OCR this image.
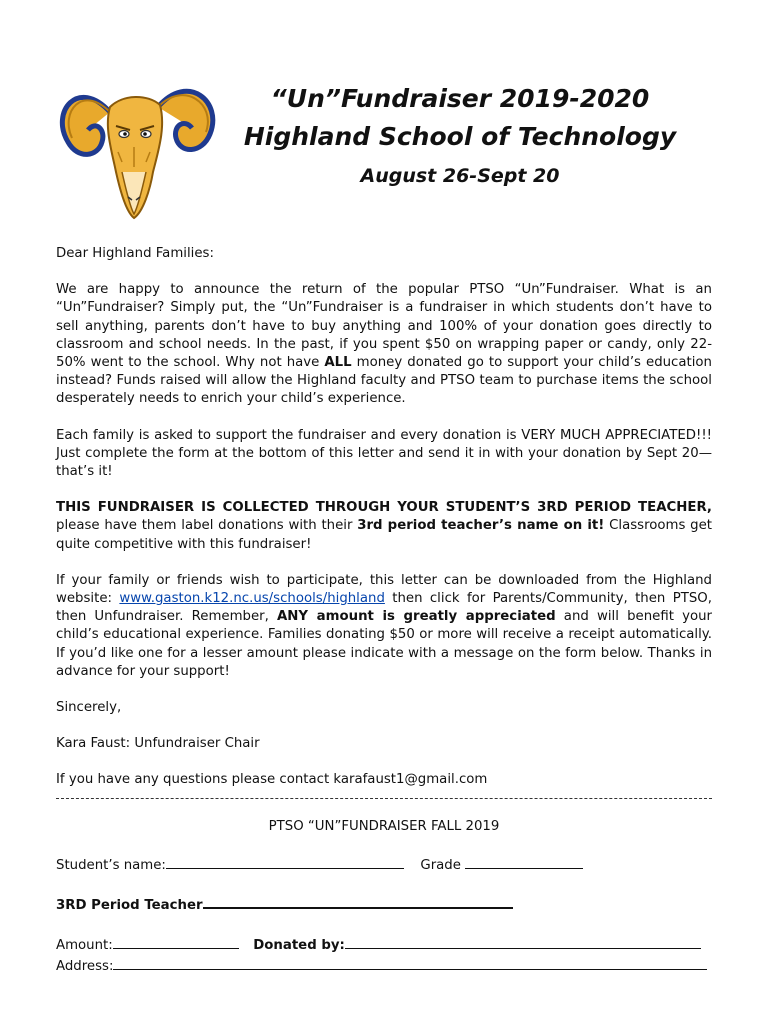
“Un”Fundraiser 2019-2020
Highland School of Technology
August 26-Sept 20

Dear Highland Families:

We are happy to announce the return of the popular PTSO “Un”Fundraiser. What is an “Un”Fundraiser? Simply put, the “Un”Fundraiser is a fundraiser in which students don’t have to sell anything, parents don’t have to buy anything and 100% of your donation goes directly to classroom and school needs. In the past, if you spent $50 on wrapping paper or candy, only 22-50% went to the school. Why not have ALL money donated go to support your child’s education instead? Funds raised will allow the Highland faculty and PTSO team to purchase items the school desperately needs to enrich your child’s experience.

Each family is asked to support the fundraiser and every donation is VERY MUCH APPRECIATED!!! Just complete the form at the bottom of this letter and send it in with your donation by Sept 20—that’s it!

THIS FUNDRAISER IS COLLECTED THROUGH YOUR STUDENT’S 3RD PERIOD TEACHER, please have them label donations with their 3rd period teacher’s name on it! Classrooms get quite competitive with this fundraiser!

If your family or friends wish to participate, this letter can be downloaded from the Highland website: www.gaston.k12.nc.us/schools/highland then click for Parents/Community, then PTSO, then Unfundraiser. Remember, ANY amount is greatly appreciated and will benefit your child’s educational experience. Families donating $50 or more will receive a receipt automatically. If you’d like one for a lesser amount please indicate with a message on the form below. Thanks in advance for your support!

Sincerely,

Kara Faust: Unfundraiser Chair

If you have any questions please contact karafaust1@gmail.com

PTSO “UN”FUNDRAISER FALL 2019
Student’s name:	Grade
3RD Period Teacher
Amount:	Donated by:
Address:
